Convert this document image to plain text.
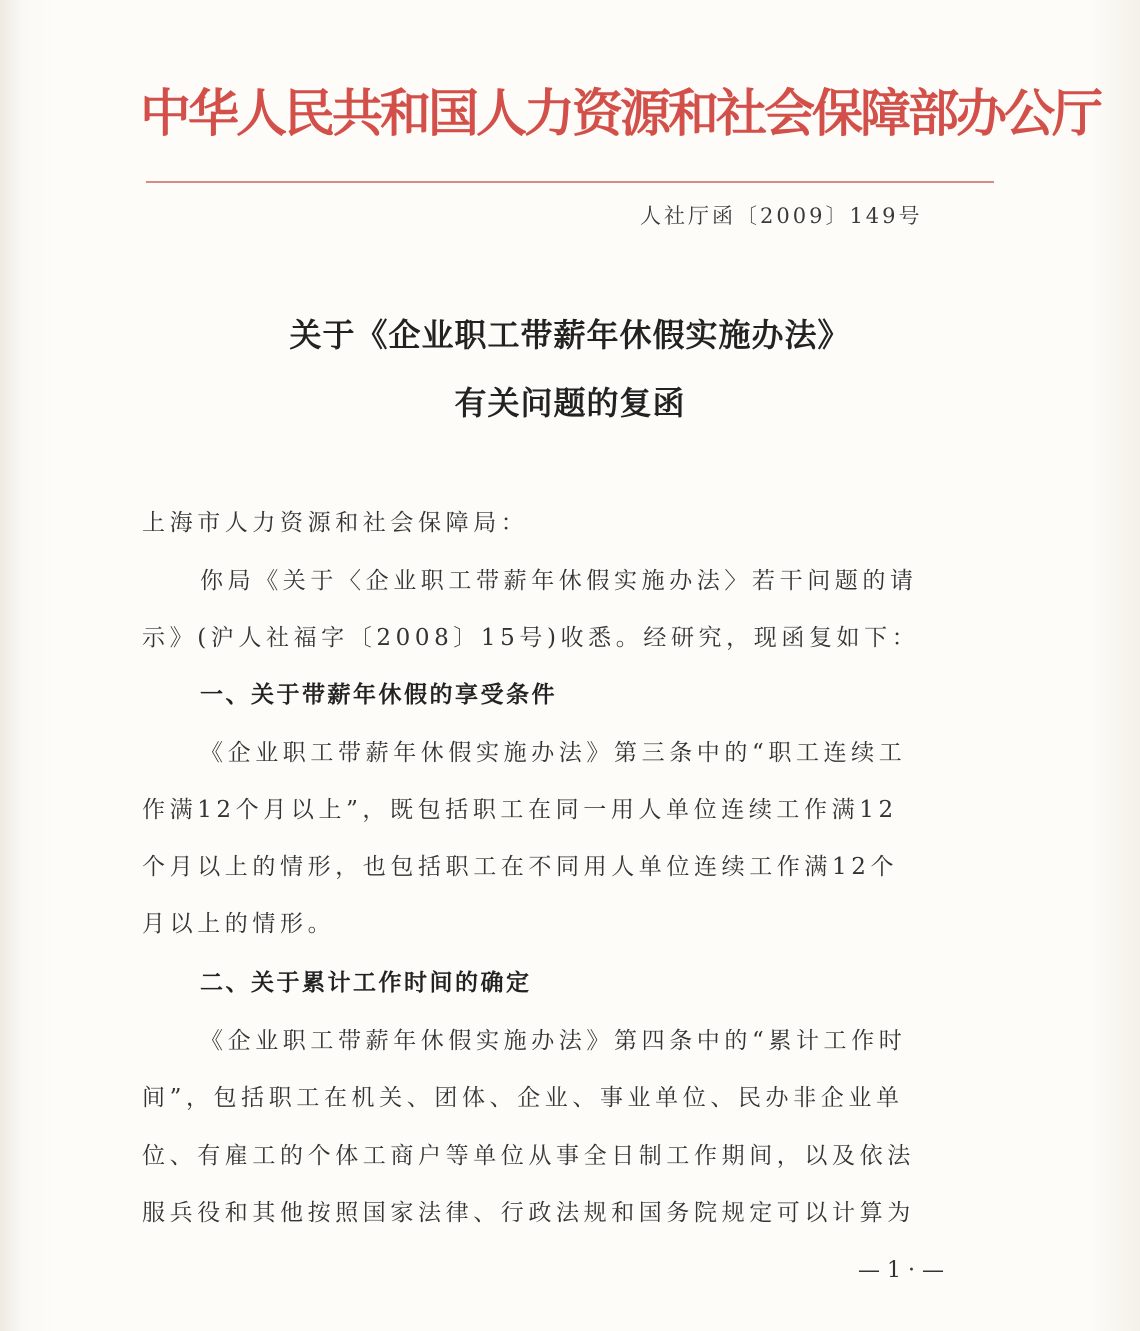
中华人民共和国人力资源和社会保障部办公厅
人社厅函〔2009〕149号
关于《企业职工带薪年休假实施办法》
有关问题的复函
上海市人力资源和社会保障局：
你局《关于〈企业职工带薪年休假实施办法〉若干问题的请
示》(沪人社福字〔2008〕15号)收悉。经研究，现函复如下：
一、关于带薪年休假的享受条件
《企业职工带薪年休假实施办法》第三条中的“职工连续工
作满12个月以上”，既包括职工在同一用人单位连续工作满12
个月以上的情形，也包括职工在不同用人单位连续工作满12个
月以上的情形。
二、关于累计工作时间的确定
《企业职工带薪年休假实施办法》第四条中的“累计工作时
间”，包括职工在机关、团体、企业、事业单位、民办非企业单
位、有雇工的个体工商户等单位从事全日制工作期间，以及依法
服兵役和其他按照国家法律、行政法规和国务院规定可以计算为
— 1 · —
